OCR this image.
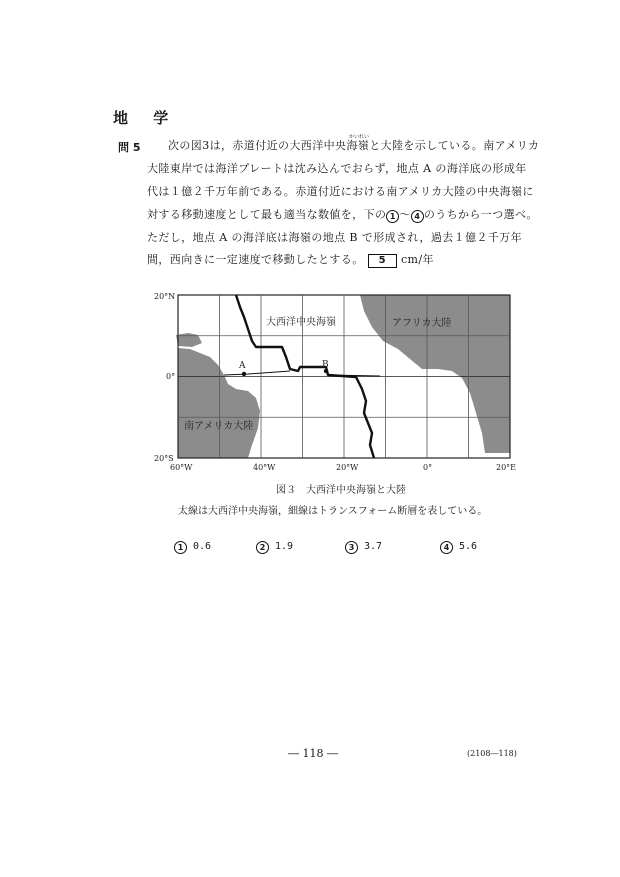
地 学
かいれい
問 5	次の図3は，赤道付近の大西洋中央海嶺と大陸を示している。南アメリカ
大陸東岸では海洋プレートは沈み込んでおらず，地点 A の海洋底の形成年
代は１億２千万年前である。赤道付近における南アメリカ大陸の中央海嶺に
対する移動速度として最も適当な数値を，下の 1 ～ 4 のうちから一つ選べ。
ただし，地点 A の海洋底は海嶺の地点 B で形成され，過去１億２千万年
間，西向きに一定速度で移動したとする。 5 cm/年
A	B
大西洋中央海嶺	アフリカ大陸
南アメリカ大陸
20°N
0°
20°S
60°W	40°W	20°W	0°	20°E
図３　大西洋中央海嶺と大陸
太線は大西洋中央海嶺，細線はトランスフォーム断層を表している。
1 0.6	2 1.9	3 3.7	4 5.6
― 118 ―	(2108―118)
